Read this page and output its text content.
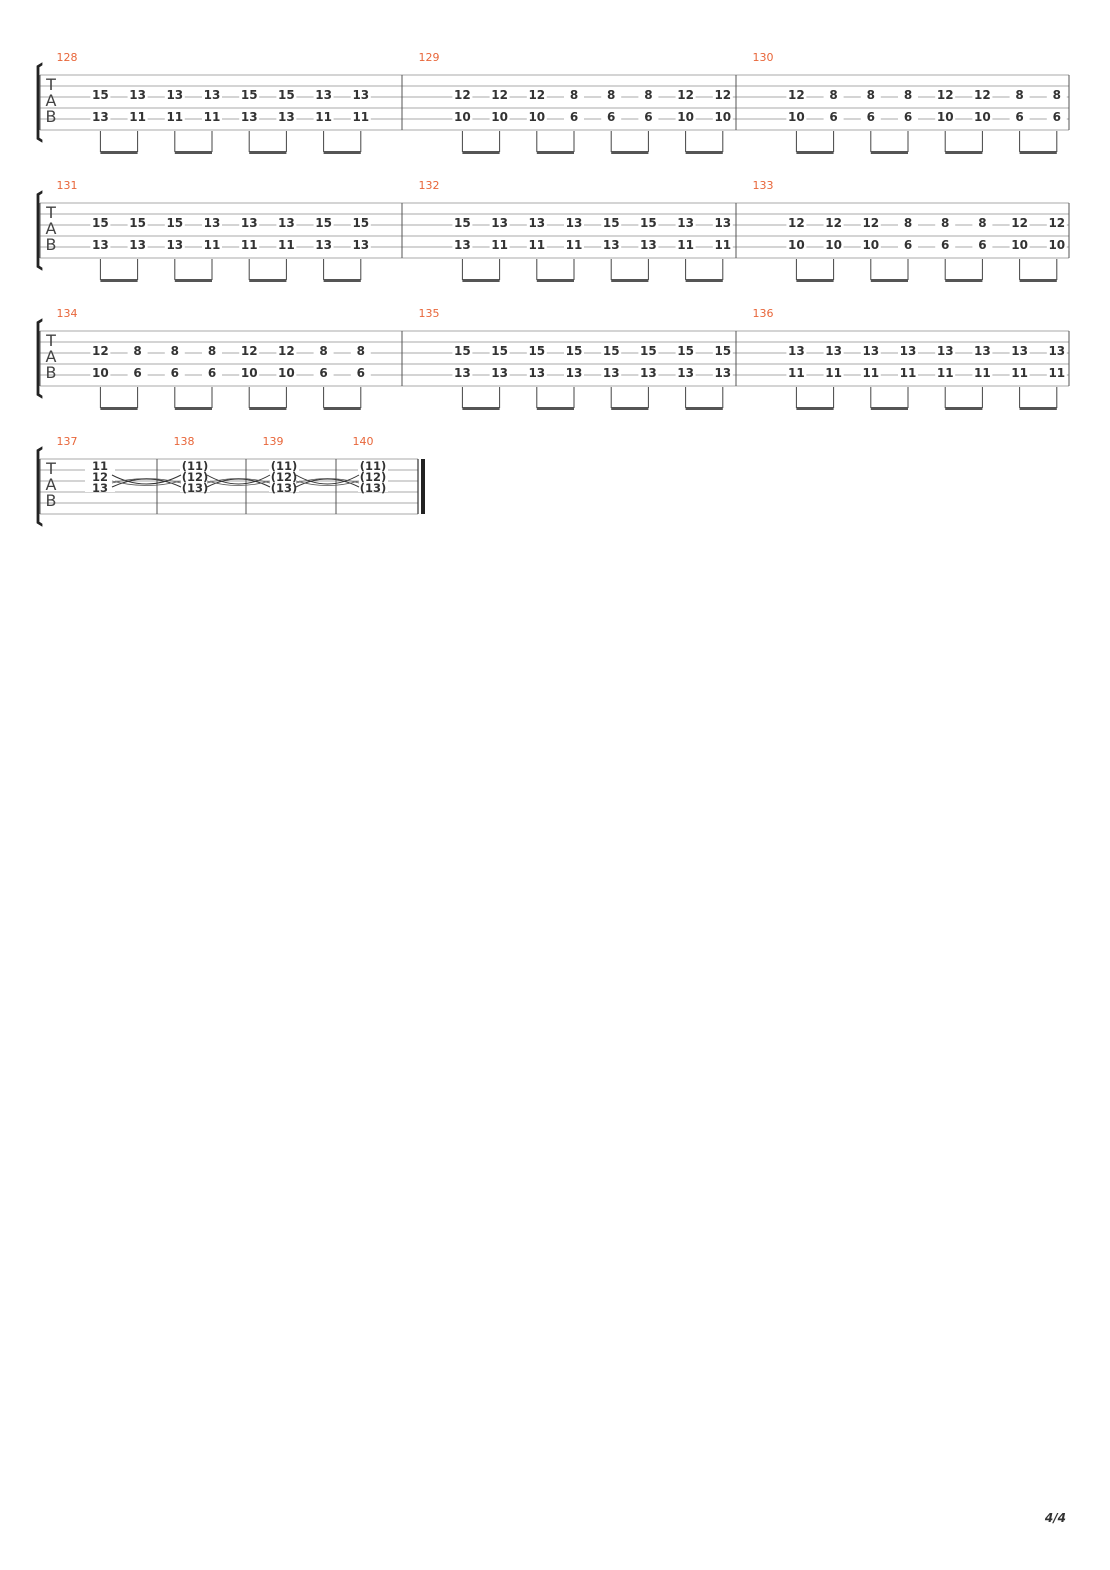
T
A
B
128
15
13
13
11
13
11
13
11
15
13
15
13
13
11
13
11
129
12
10
12
10
12
10
8
6
8
6
8
6
12
10
12
10
130
12
10
8
6
8
6
8
6
12
10
12
10
8
6
8
6
T
A
B
131
15
13
15
13
15
13
13
11
13
11
13
11
15
13
15
13
132
15
13
13
11
13
11
13
11
15
13
15
13
13
11
13
11
133
12
10
12
10
12
10
8
6
8
6
8
6
12
10
12
10
T
A
B
134
12
10
8
6
8
6
8
6
12
10
12
10
8
6
8
6
135
15
13
15
13
15
13
15
13
15
13
15
13
15
13
15
13
136
13
11
13
11
13
11
13
11
13
11
13
11
13
11
13
11
T
A
B
137
11
12
13
138
(11)
(12)
(13)
139
(11)
(12)
(13)
140
(11)
(12)
(13)
4/4
